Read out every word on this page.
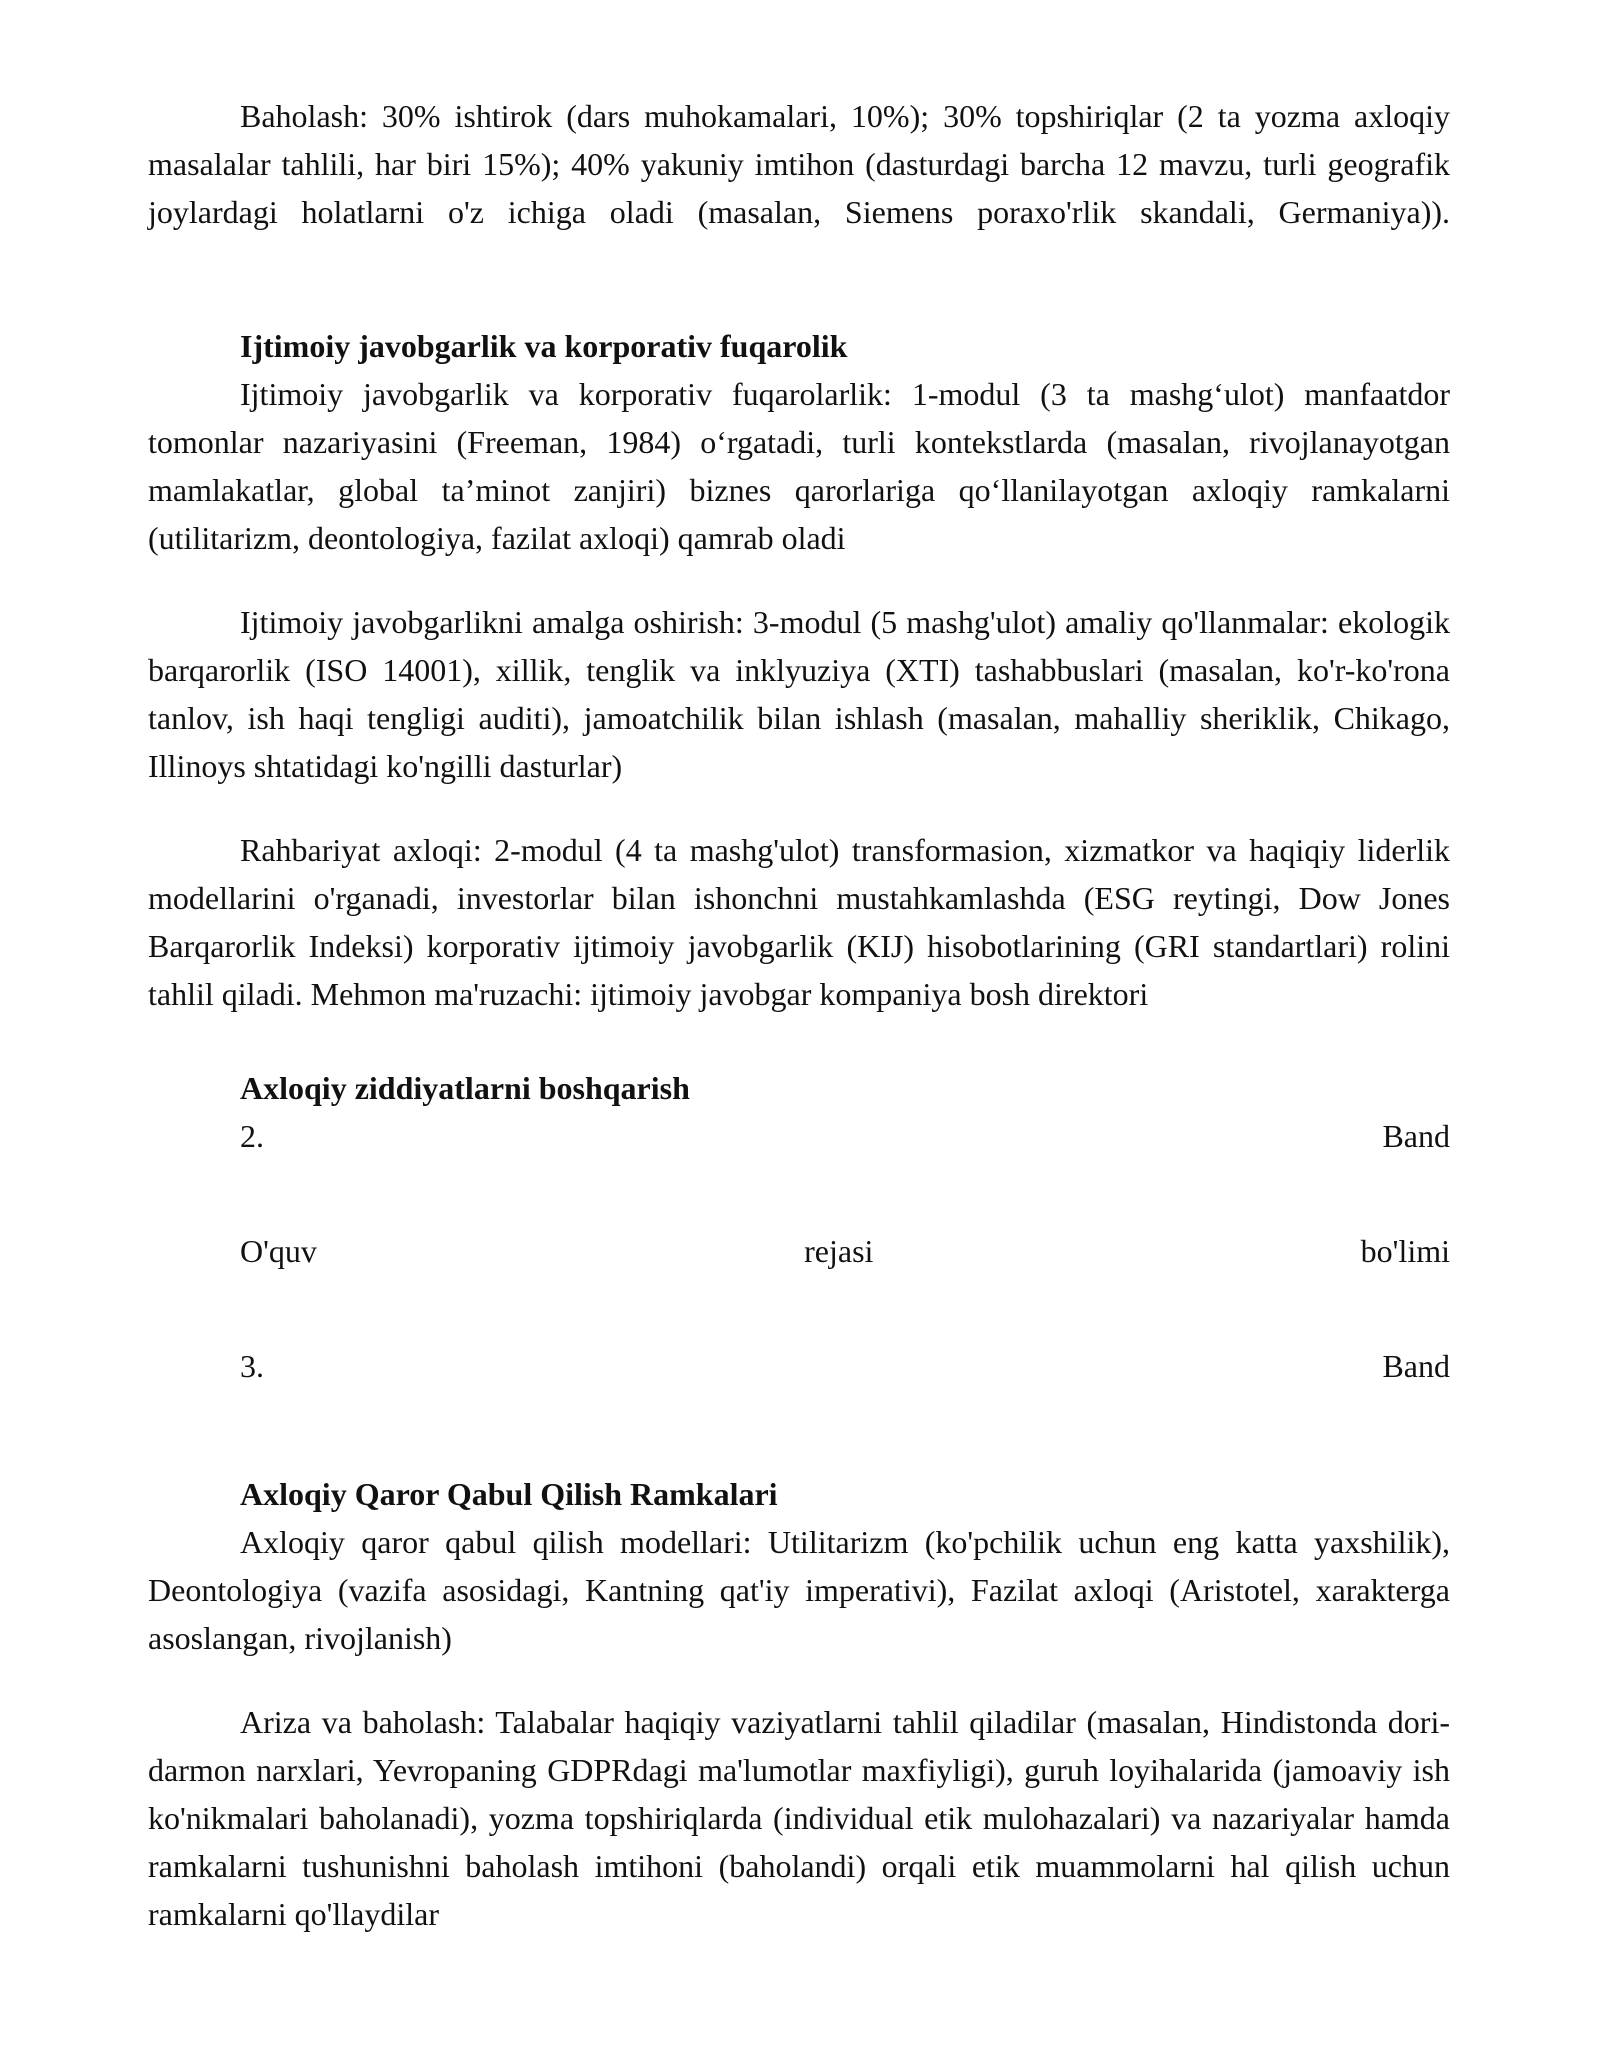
Baholash: 30% ishtirok (dars muhokamalari, 10%); 30% topshiriqlar (2 ta yozma axloqiy masalalar tahlili, har biri 15%); 40% yakuniy imtihon (dasturdagi barcha 12 mavzu, turli geografik joylardagi holatlarni o'z ichiga oladi (masalan, Siemens poraxo'rlik skandali, Germaniya)).

Ijtimoiy javobgarlik va korporativ fuqarolik

Ijtimoiy javobgarlik va korporativ fuqarolarlik: 1-modul (3 ta mashg‘ulot) manfaatdor tomonlar nazariyasini (Freeman, 1984) o‘rgatadi, turli kontekstlarda (masalan, rivojlanayotgan mamlakatlar, global ta’minot zanjiri) biznes qarorlariga qo‘llanilayotgan axloqiy ramkalarni (utilitarizm, deontologiya, fazilat axloqi) qamrab oladi

Ijtimoiy javobgarlikni amalga oshirish: 3-modul (5 mashg'ulot) amaliy qo'llanmalar: ekologik barqarorlik (ISO 14001), xillik, tenglik va inklyuziya (XTI) tashabbuslari (masalan, ko'r-ko'rona tanlov, ish haqi tengligi auditi), jamoatchilik bilan ishlash (masalan, mahalliy sheriklik, Chikago, Illinoys shtatidagi ko'ngilli dasturlar)

Rahbariyat axloqi: 2-modul (4 ta mashg'ulot) transformasion, xizmatkor va haqiqiy liderlik modellarini o'rganadi, investorlar bilan ishonchni mustahkamlashda (ESG reytingi, Dow Jones Barqarorlik Indeksi) korporativ ijtimoiy javobgarlik (KIJ) hisobotlarining (GRI standartlari) rolini tahlil qiladi. Mehmon ma'ruzachi: ijtimoiy javobgar kompaniya bosh direktori

Axloqiy ziddiyatlarni boshqarish

2.	Band
O'quv	rejasi	bo'limi
3.	Band

Axloqiy Qaror Qabul Qilish Ramkalari

Axloqiy qaror qabul qilish modellari: Utilitarizm (ko'pchilik uchun eng katta yaxshilik), Deontologiya (vazifa asosidagi, Kantning qat'iy imperativi), Fazilat axloqi (Aristotel, xarakterga asoslangan, rivojlanish)

Ariza va baholash: Talabalar haqiqiy vaziyatlarni tahlil qiladilar (masalan, Hindistonda dori-darmon narxlari, Yevropaning GDPRdagi ma'lumotlar maxfiyligi), guruh loyihalarida (jamoaviy ish ko'nikmalari baholanadi), yozma topshiriqlarda (individual etik mulohazalari) va nazariyalar hamda ramkalarni tushunishni baholash imtihoni (baholandi) orqali etik muammolarni hal qilish uchun ramkalarni qo'llaydilar
